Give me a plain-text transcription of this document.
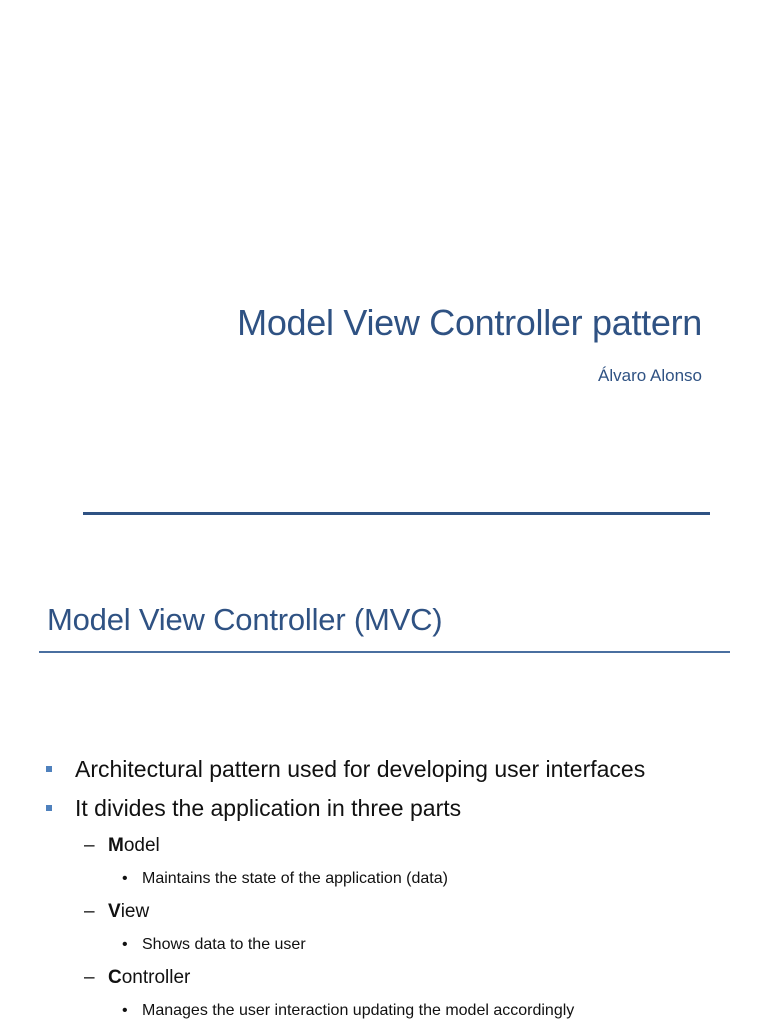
Model View Controller pattern
Álvaro Alonso
Model View Controller (MVC)
Architectural pattern used for developing user interfaces
It divides the application in three parts
– M odel
• Maintains the state of the application (data)
– V iew
• Shows data to the user
– C ontroller
• Manages the user interaction updating the model accordingly
